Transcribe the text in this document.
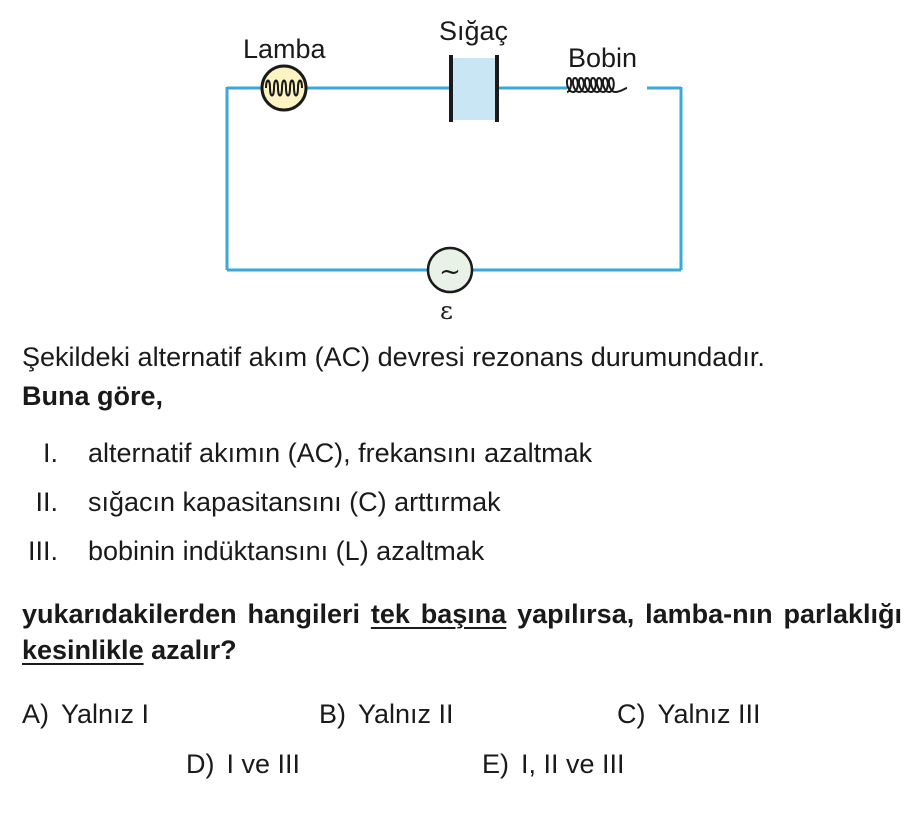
~
Lamba
Sığaç
Bobin
ε
Şekildeki alternatif akım (AC) devresi rezonans durumundadır.
Buna göre,
I. alternatif akımın (AC), frekansını azaltmak
II. sığacın kapasitansını (C) arttırmak
III. bobinin indüktansını (L) azaltmak
yukarıdakilerden hangileri tek başına yapılırsa, lamba-nın parlaklığı kesinlikle azalır?
A) Yalnız I	B) Yalnız II	C) Yalnız III
D) I ve III	E) I, II ve III
